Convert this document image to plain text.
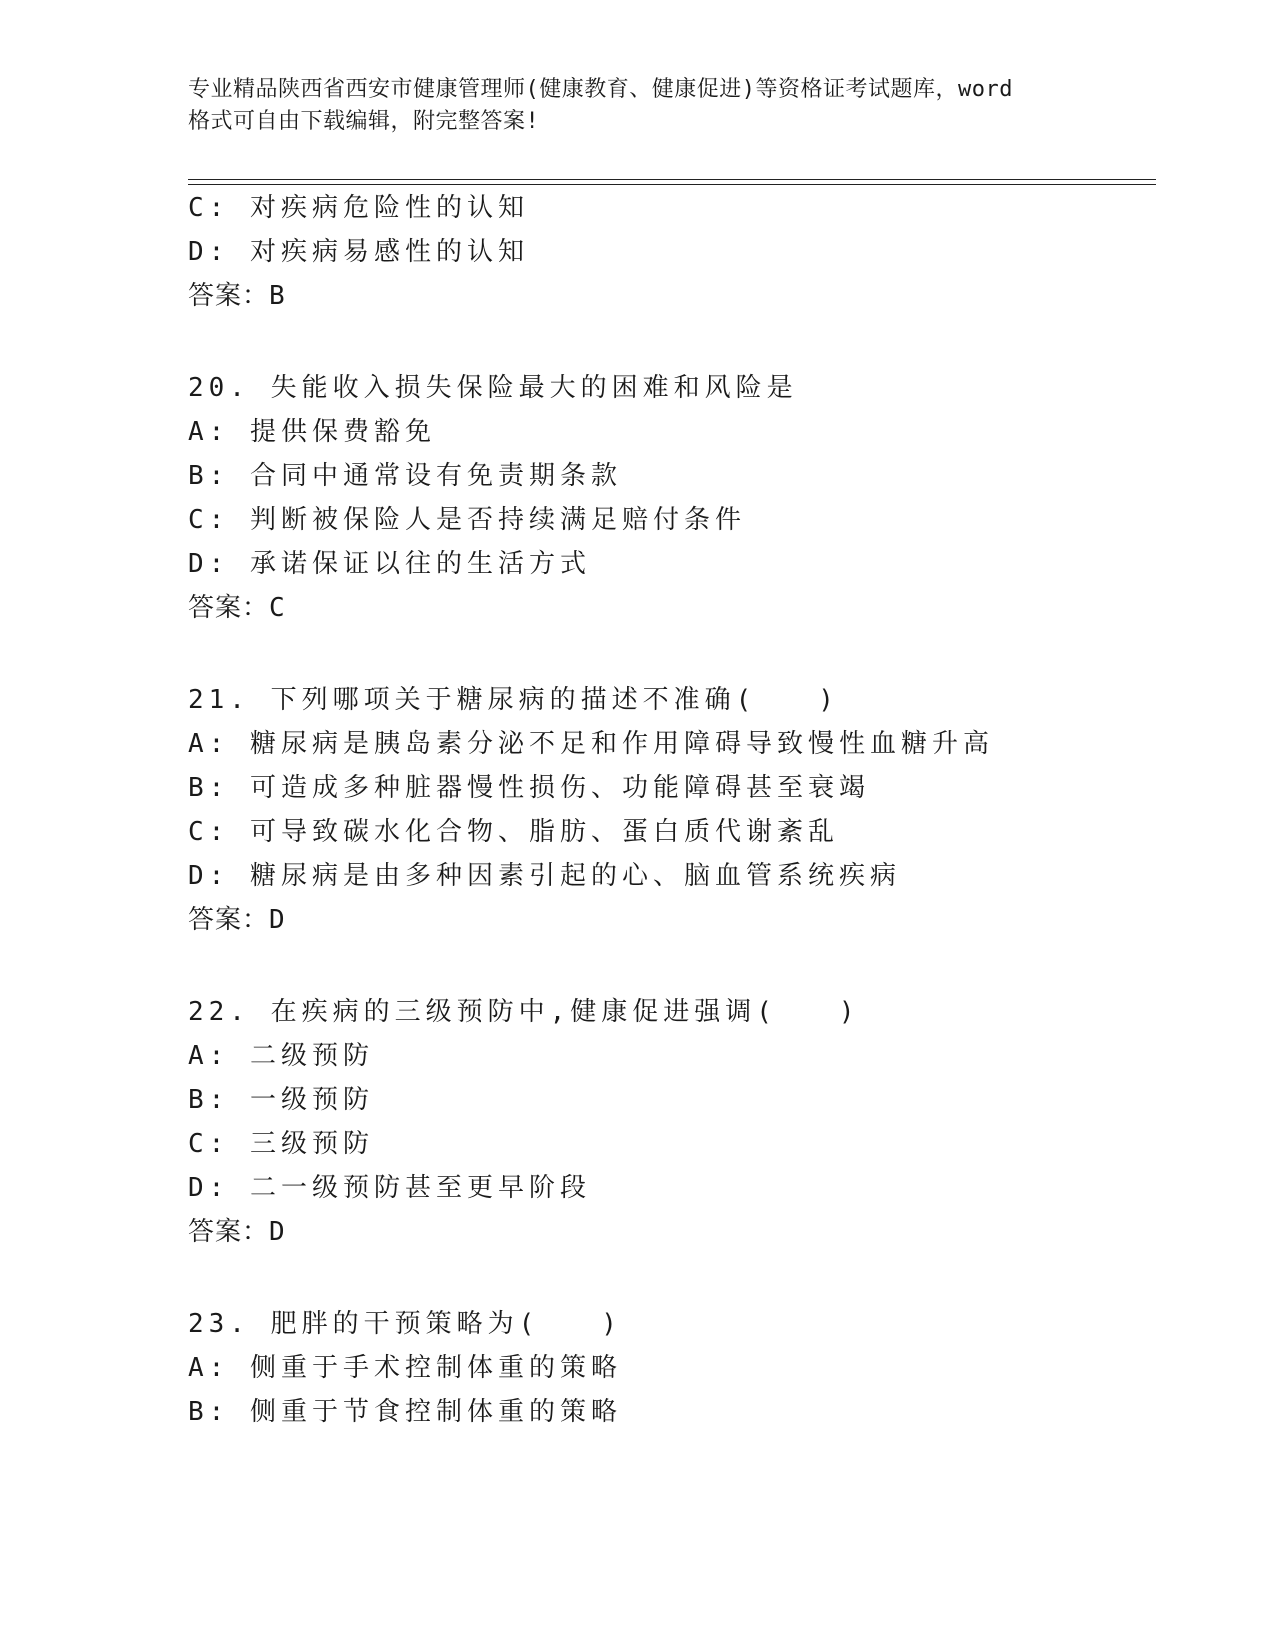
专业精品陕西省西安市健康管理师(健康教育、健康促进)等资格证考试题库，word
格式可自由下载编辑，附完整答案!
C: 对疾病危险性的认知
D: 对疾病易感性的认知
答案：B
20. 失能收入损失保险最大的困难和风险是
A: 提供保费豁免
B: 合同中通常设有免责期条款
C: 判断被保险人是否持续满足赔付条件
D: 承诺保证以往的生活方式
答案：C
21. 下列哪项关于糖尿病的描述不准确(　　)
A: 糖尿病是胰岛素分泌不足和作用障碍导致慢性血糖升高
B: 可造成多种脏器慢性损伤、功能障碍甚至衰竭
C: 可导致碳水化合物、脂肪、蛋白质代谢紊乱
D: 糖尿病是由多种因素引起的心、脑血管系统疾病
答案：D
22. 在疾病的三级预防中,健康促进强调(　　)
A: 二级预防
B: 一级预防
C: 三级预防
D: 二一级预防甚至更早阶段
答案：D
23. 肥胖的干预策略为(　　)
A: 侧重于手术控制体重的策略
B: 侧重于节食控制体重的策略
